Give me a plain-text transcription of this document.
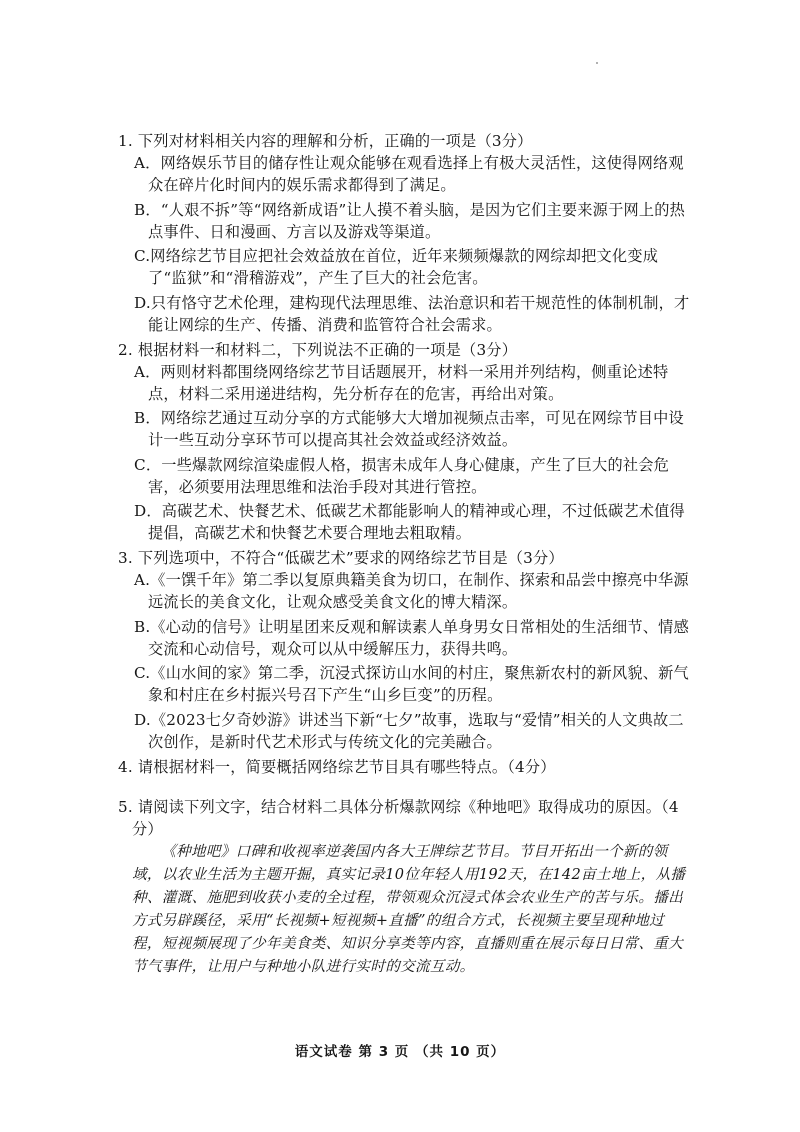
1. 下列对材料相关内容的理解和分析，正确的一项是（3分）

A．网络娱乐节目的储存性让观众能够在观看选择上有极大灵活性，这使得网络观众在碎片化时间内的娱乐需求都得到了满足。

B．“人艰不拆”等“网络新成语”让人摸不着头脑，是因为它们主要来源于网上的热点事件、日和漫画、方言以及游戏等渠道。

C.网络综艺节目应把社会效益放在首位，近年来频频爆款的网综却把文化变成了“监狱”和“滑稽游戏”，产生了巨大的社会危害。

D.只有恪守艺术伦理，建构现代法理思维、法治意识和若干规范性的体制机制，才能让网综的生产、传播、消费和监管符合社会需求。

2. 根据材料一和材料二，下列说法不正确的一项是（3分）

A．两则材料都围绕网络综艺节目话题展开，材料一采用并列结构，侧重论述特点，材料二采用递进结构，先分析存在的危害，再给出对策。

B．网络综艺通过互动分享的方式能够大大增加视频点击率，可见在网综节目中设计一些互动分享环节可以提高其社会效益或经济效益。

C．一些爆款网综渲染虚假人格，损害未成年人身心健康，产生了巨大的社会危害，必须要用法理思维和法治手段对其进行管控。

D．高碳艺术、快餐艺术、低碳艺术都能影响人的精神或心理，不过低碳艺术值得提倡，高碳艺术和快餐艺术要合理地去粗取精。

3. 下列选项中，不符合“低碳艺术”要求的网络综艺节目是（3分）

A.《一馔千年》第二季以复原典籍美食为切口，在制作、探索和品尝中擦亮中华源远流长的美食文化，让观众感受美食文化的博大精深。

B.《心动的信号》让明星团来反观和解读素人单身男女日常相处的生活细节、情感交流和心动信号，观众可以从中缓解压力，获得共鸣。

C.《山水间的家》第二季，沉浸式探访山水间的村庄，聚焦新农村的新风貌、新气象和村庄在乡村振兴号召下产生“山乡巨变”的历程。

D.《2023七夕奇妙游》讲述当下新“七夕”故事，选取与“爱情”相关的人文典故二次创作，是新时代艺术形式与传统文化的完美融合。

4. 请根据材料一，简要概括网络综艺节目具有哪些特点。（4分）

5. 请阅读下列文字，结合材料二具体分析爆款网综《种地吧》取得成功的原因。（4分）

《种地吧》口碑和收视率逆袭国内各大王牌综艺节目。节目开拓出一个新的领域，以农业生活为主题开掘，真实记录10位年轻人用192天，在142亩土地上，从播种、灌溉、施肥到收获小麦的全过程，带领观众沉浸式体会农业生产的苦与乐。播出方式另辟蹊径，采用“长视频+短视频+直播”的组合方式，长视频主要呈现种地过程，短视频展现了少年美食类、知识分享类等内容，直播则重在展示每日日常、重大节气事件，让用户与种地小队进行实时的交流互动。

语文试卷 第 3 页 （共 10 页）
